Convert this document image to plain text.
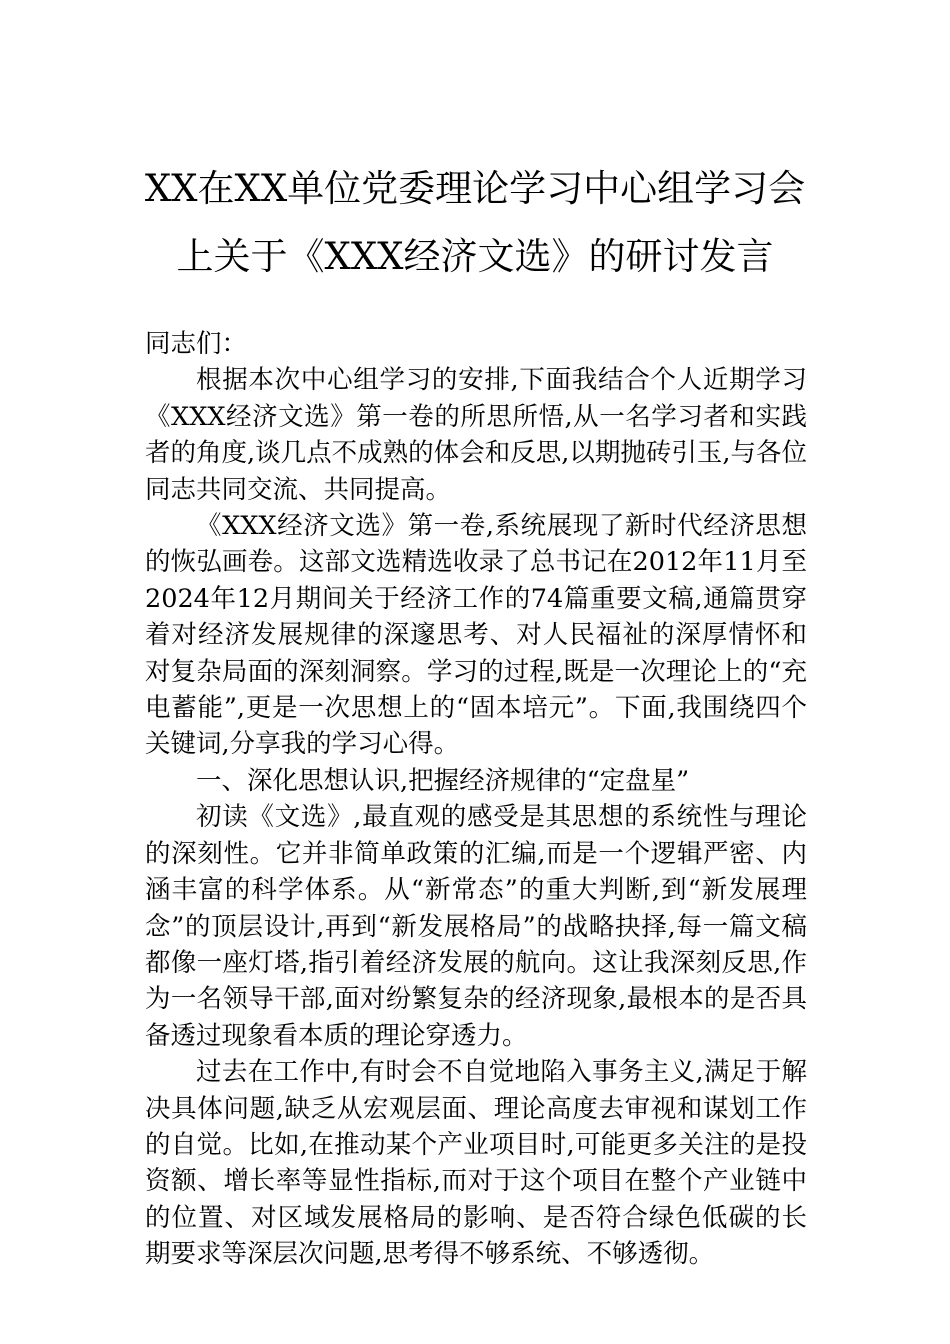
XX在XX单位党委理论学习中心组学习会
上关于《XXX经济文选》的研讨发言

同志们：

根据本次中心组学习的安排,下面我结合个人近期学习《XXX经济文选》第一卷的所思所悟,从一名学习者和实践者的角度,谈几点不成熟的体会和反思,以期抛砖引玉,与各位同志共同交流、共同提高。

《XXX经济文选》第一卷,系统展现了新时代经济思想的恢弘画卷。这部文选精选收录了总书记在2012年11月至2024年12月期间关于经济工作的74篇重要文稿,通篇贯穿着对经济发展规律的深邃思考、对人民福祉的深厚情怀和对复杂局面的深刻洞察。学习的过程,既是一次理论上的“充电蓄能”,更是一次思想上的“固本培元”。下面,我围绕四个关键词,分享我的学习心得。

一、深化思想认识,把握经济规律的“定盘星”

初读《文选》,最直观的感受是其思想的系统性与理论的深刻性。它并非简单政策的汇编,而是一个逻辑严密、内涵丰富的科学体系。从“新常态”的重大判断,到“新发展理念”的顶层设计,再到“新发展格局”的战略抉择,每一篇文稿都像一座灯塔,指引着经济发展的航向。这让我深刻反思,作为一名领导干部,面对纷繁复杂的经济现象,最根本的是否具备透过现象看本质的理论穿透力。

过去在工作中,有时会不自觉地陷入事务主义,满足于解决具体问题,缺乏从宏观层面、理论高度去审视和谋划工作的自觉。比如,在推动某个产业项目时,可能更多关注的是投资额、增长率等显性指标,而对于这个项目在整个产业链中的位置、对区域发展格局的影响、是否符合绿色低碳的长期要求等深层次问题,思考得不够系统、不够透彻。
